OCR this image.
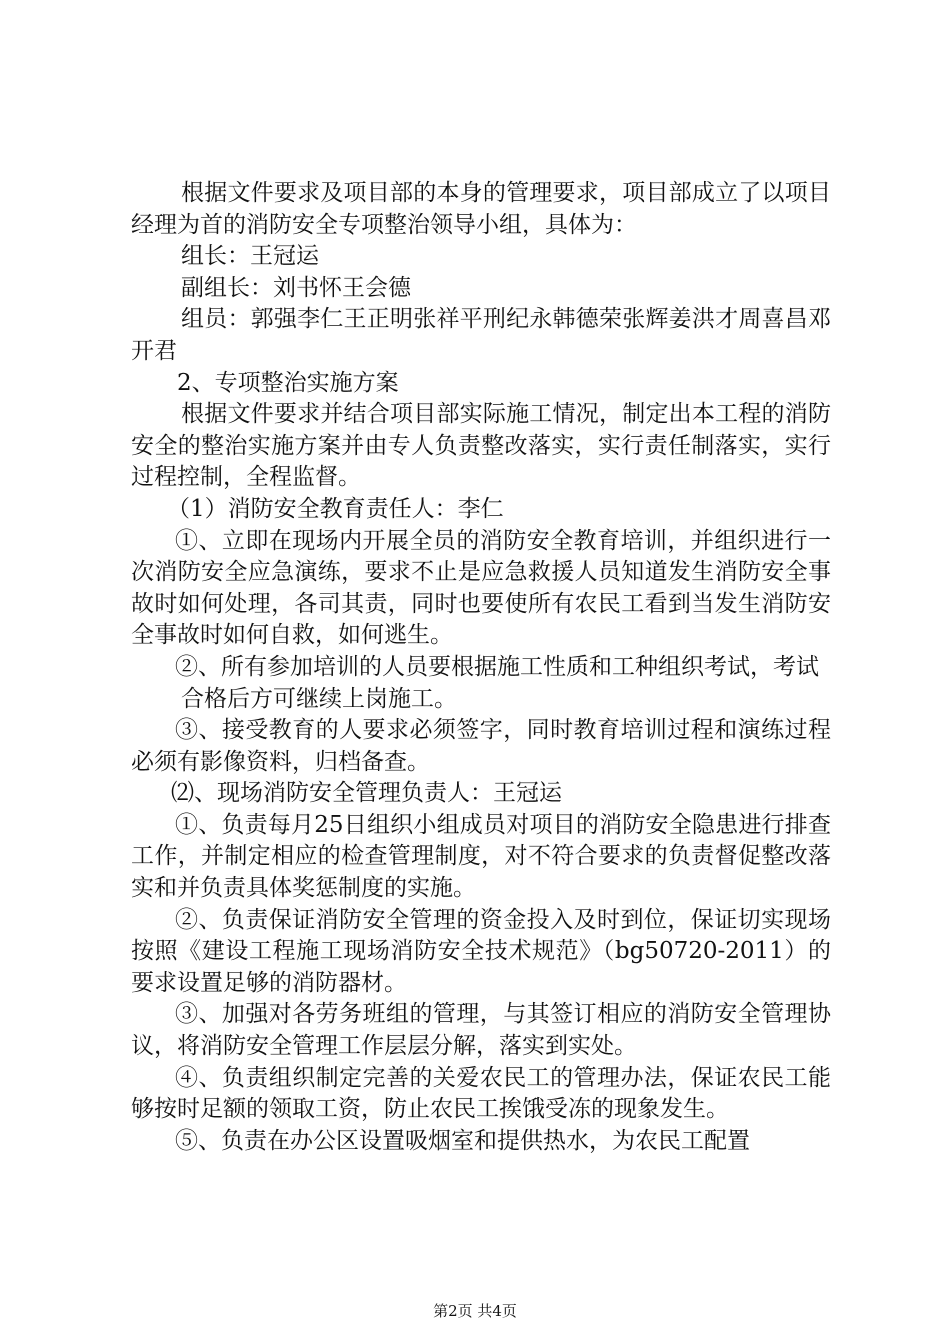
根据文件要求及项目部的本身的管理要求，项目部成立了以项目经理为首的消防安全专项整治领导小组，具体为：

组长：王冠运

副组长：刘书怀王会德

组员：郭强李仁王正明张祥平刑纪永韩德荣张辉姜洪才周喜昌邓开君

2、专项整治实施方案

根据文件要求并结合项目部实际施工情况，制定出本工程的消防安全的整治实施方案并由专人负责整改落实，实行责任制落实，实行过程控制，全程监督。

（1）消防安全教育责任人：李仁

①、立即在现场内开展全员的消防安全教育培训，并组织进行一次消防安全应急演练，要求不止是应急救援人员知道发生消防安全事故时如何处理，各司其责，同时也要使所有农民工看到当发生消防安全事故时如何自救，如何逃生。

②、所有参加培训的人员要根据施工性质和工种组织考试，考试

合格后方可继续上岗施工。

③、接受教育的人要求必须签字，同时教育培训过程和演练过程必须有影像资料，归档备查。

⑵、现场消防安全管理负责人：王冠运

①、负责每月25日组织小组成员对项目的消防安全隐患进行排查工作，并制定相应的检查管理制度，对不符合要求的负责督促整改落实和并负责具体奖惩制度的实施。

②、负责保证消防安全管理的资金投入及时到位，保证切实现场按照《建设工程施工现场消防安全技术规范》（bg50720-2011）的要求设置足够的消防器材。

③、加强对各劳务班组的管理，与其签订相应的消防安全管理协议，将消防安全管理工作层层分解，落实到实处。

④、负责组织制定完善的关爱农民工的管理办法，保证农民工能够按时足额的领取工资，防止农民工挨饿受冻的现象发生。

⑤、负责在办公区设置吸烟室和提供热水，为农民工配置

第2页 共4页
